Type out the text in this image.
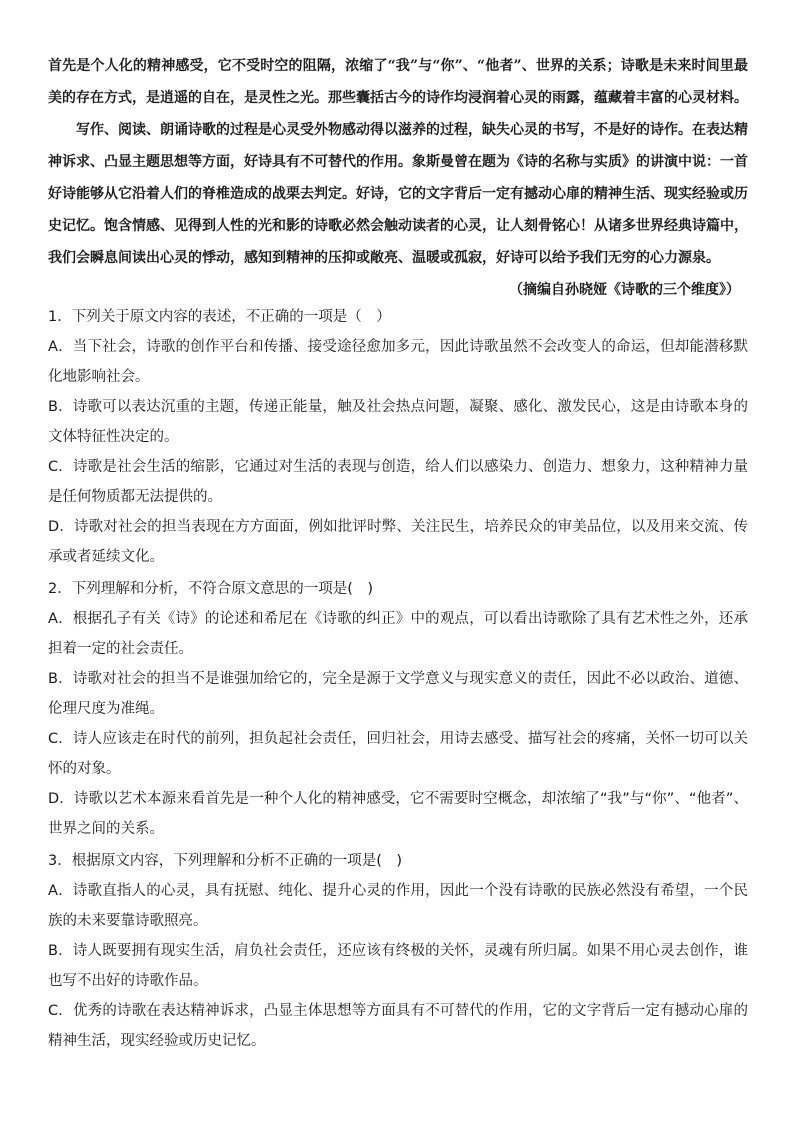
首先是个人化的精神感受，它不受时空的阻隔，浓缩了“我”与“你”、“他者”、世界的关系；诗歌是未来时间里最美的存在方式，是逍遥的自在，是灵性之光。那些囊括古今的诗作均浸润着心灵的雨露，蕴藏着丰富的心灵材料。

写作、阅读、朗诵诗歌的过程是心灵受外物感动得以滋养的过程，缺失心灵的书写，不是好的诗作。在表达精神诉求、凸显主题思想等方面，好诗具有不可替代的作用。象斯曼曾在题为《诗的名称与实质》的讲演中说：一首好诗能够从它沿着人们的脊椎造成的战栗去判定。好诗，它的文字背后一定有撼动心扉的精神生活、现实经验或历史记忆。饱含情感、见得到人性的光和影的诗歌必然会触动读者的心灵，让人刻骨铭心！从诸多世界经典诗篇中，我们会瞬息间读出心灵的悸动，感知到精神的压抑或敞亮、温暖或孤寂，好诗可以给予我们无穷的心力源泉。

（摘编自孙晓娅《诗歌的三个维度》）

1．下列关于原文内容的表述，不正确的一项是（　）

A．当下社会，诗歌的创作平台和传播、接受途径愈加多元，因此诗歌虽然不会改变人的命运，但却能潜移默化地影响社会。

B．诗歌可以表达沉重的主题，传递正能量，触及社会热点问题，凝聚、感化、激发民心，这是由诗歌本身的文体特征性决定的。

C．诗歌是社会生活的缩影，它通过对生活的表现与创造，给人们以感染力、创造力、想象力，这种精神力量是任何物质都无法提供的。

D．诗歌对社会的担当表现在方方面面，例如批评时弊、关注民生，培养民众的审美品位，以及用来交流、传承或者延续文化。

2．下列理解和分析，不符合原文意思的一项是(　)

A．根据孔子有关《诗》的论述和希尼在《诗歌的纠正》中的观点，可以看出诗歌除了具有艺术性之外，还承担着一定的社会责任。

B．诗歌对社会的担当不是谁强加给它的，完全是源于文学意义与现实意义的责任，因此不必以政治、道德、伦理尺度为准绳。

C．诗人应该走在时代的前列，担负起社会责任，回归社会，用诗去感受、描写社会的疼痛，关怀一切可以关怀的对象。

D．诗歌以艺术本源来看首先是一种个人化的精神感受，它不需要时空概念，却浓缩了“我”与“你”、“他者”、世界之间的关系。

3．根据原文内容，下列理解和分析不正确的一项是(　)

A．诗歌直指人的心灵，具有抚慰、纯化、提升心灵的作用，因此一个没有诗歌的民族必然没有希望，一个民族的未来要靠诗歌照亮。

B．诗人既要拥有现实生活，肩负社会责任，还应该有终极的关怀，灵魂有所归属。如果不用心灵去创作，谁也写不出好的诗歌作品。

C．优秀的诗歌在表达精神诉求，凸显主体思想等方面具有不可替代的作用，它的文字背后一定有撼动心扉的精神生活，现实经验或历史记忆。
